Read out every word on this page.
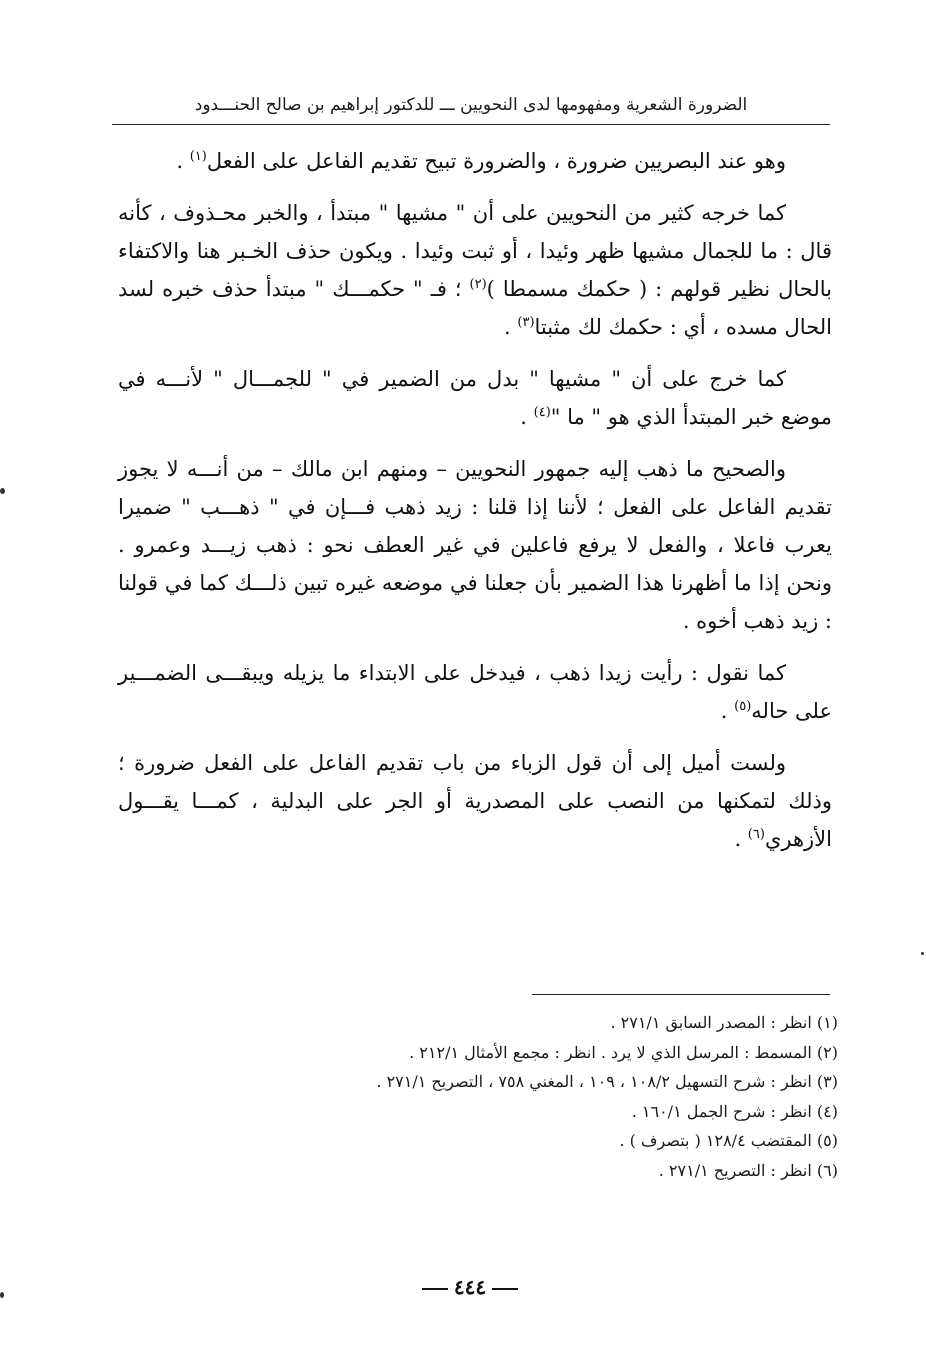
الضرورة الشعرية ومفهومها لدى النحويين ـــ للدكتور إبراهيم بن صالح الحنـــدود

وهو عند البصريين ضرورة ، والضرورة تبيح تقديم الفاعل على الفعل$^{(١)}$ .

كما خرجه كثير من النحويين على أن " مشيها " مبتدأ ، والخبر محـذوف ، كأنه قال : ما للجمال مشيها ظهر وئيدا ، أو ثبت وئيدا . ويكون حذف الخـبر هنا والاكتفاء بالحال نظير قولهم : ( حكمك مسمطا )$^{(٢)}$ ؛ فـ " حكمـــك " مبتدأ حذف خبره لسد الحال مسده ، أي : حكمك لك مثبتا$^{(٣)}$ .

كما خرج على أن " مشيها " بدل من الضمير في " للجمـــال " لأنـــه في موضع خبر المبتدأ الذي هو " ما "$^{(٤)}$ .

والصحيح ما ذهب إليه جمهور النحويين – ومنهم ابن مالك – من أنـــه لا يجوز تقديم الفاعل على الفعل ؛ لأننا إذا قلنا : زيد ذهب فـــإن في " ذهـــب " ضميرا يعرب فاعلا ، والفعل لا يرفع فاعلين في غير العطف نحو : ذهب زيـــد وعمرو . ونحن إذا ما أظهرنا هذا الضمير بأن جعلنا في موضعه غيره تبين ذلـــك كما في قولنا : زيد ذهب أخوه .

كما نقول : رأيت زيدا ذهب ، فيدخل على الابتداء ما يزيله ويبقـــى الضمـــير على حاله$^{(٥)}$ .

ولست أميل إلى أن قول الزباء من باب تقديم الفاعل على الفعل ضرورة ؛ وذلك لتمكنها من النصب على المصدرية أو الجر على البدلية ، كمـــا يقـــول الأزهري$^{(٦)}$ .

(١) انظر : المصدر السابق ٢٧١/١ .
(٢) المسمط : المرسل الذي لا يرد . انظر : مجمع الأمثال ٢١٢/١ .
(٣) انظر : شرح التسهيل ١٠٨/٢ ، ١٠٩ ، المغني ٧٥٨ ، التصريح ٢٧١/١ .
(٤) انظر : شرح الجمل ١٦٠/١ .
(٥) المقتضب ١٢٨/٤ ( بتصرف ) .
(٦) انظر : التصريح ٢٧١/١ .
٤٤٤
